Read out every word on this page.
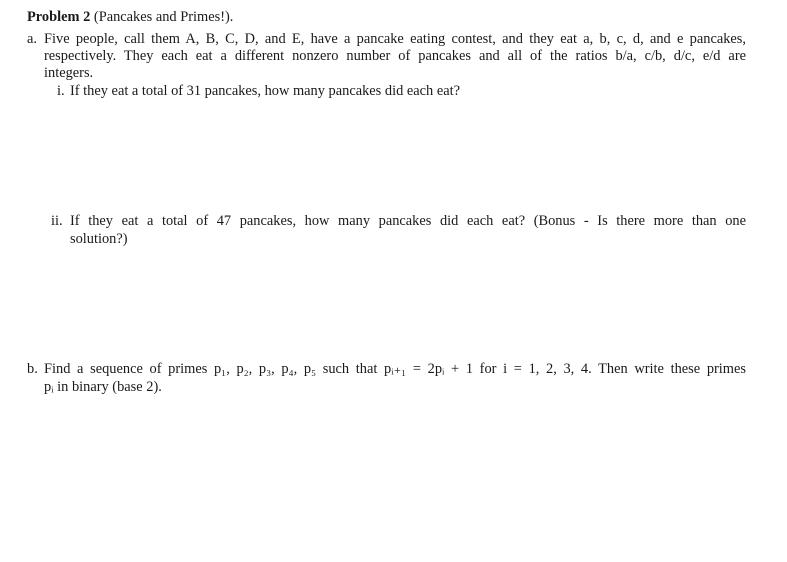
Problem 2 (Pancakes and Primes!).
a. Five people, call them A, B, C, D, and E, have a pancake eating contest, and they eat a, b, c, d, and e pancakes,
respectively. They each eat a different nonzero number of pancakes and all of the ratios b/a, c/b, d/c, e/d are
integers.
i. If they eat a total of 31 pancakes, how many pancakes did each eat?
ii. If they eat a total of 47 pancakes, how many pancakes did each eat? (Bonus - Is there more than one
solution?)
b. Find a sequence of primes p₁, p₂, p₃, p₄, p₅ such that pᵢ₊₁ = 2pᵢ + 1 for i = 1, 2, 3, 4. Then write these primes
pᵢ in binary (base 2).
